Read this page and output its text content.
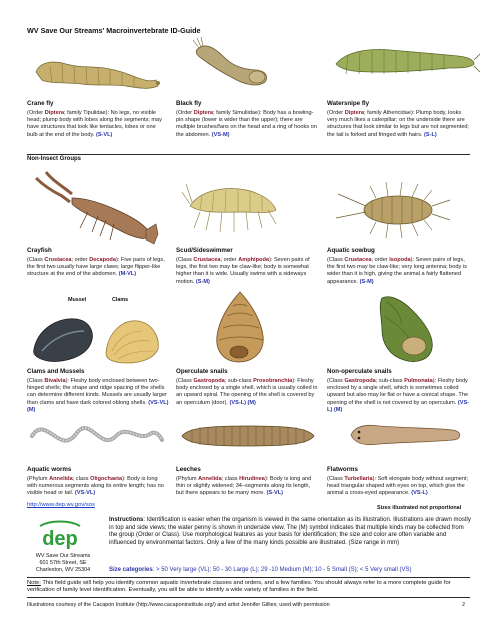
WV Save Our Streams' Macroinvertebrate ID-Guide
Crane fly
(Order Diptera; family Tipulidae): No legs, no visible head; plump body with lobes along the segments; may have structures that look like tentacles, lobes or one bulb at the end of the body. (S-VL)
Black fly
(Order Diptera; family Simuliidae): Body has a bowling-pin shape (lower is wider than the upper); there are multiple brushes/fans on the head and a ring of hooks on the abdomen. (VS-M)
Watersnipe fly
(Order Diptera; family Athericidae): Plump body, looks very much likes a caterpillar; on the underside there are structures that look similar to legs but are not segmented; the tail is forked and fringed with hairs. (S-L)
Non-Insect Groups
Crayfish
(Class Crustacea; order Decapoda): Five pairs of legs, the first two usually have large claws; large flipper-like structure at the end of the abdomen. (M-VL)
Scud/Sideswimmer
(Class Crustacea; order Amphipoda): Seven pairs of legs, the first two may be claw-like; body is somewhat higher than it is wide. Usually swims with a sideways motion. (S-M)
Aquatic sowbug
(Class Crustacea; order Isopoda): Seven pairs of legs, the first two may be claw-like; very long antenna; body is wider than it is high, giving the animal a fairly flattened appearance. (S-M)
Mussel	Clams
Clams and Mussels
(Class Bivalvia): Fleshy body enclosed between two-hinged shells; the shape and ridge spacing of the shells can determine different kinds. Mussels are usually larger than clams and have dark colored oblong shells. (VS-VL) (M)
Operculate snails
(Class Gastropoda; sub-class Prosobranchia): Fleshy body enclosed by a single shell, which is usually coiled in an upward spiral. The opening of the shell is covered by an operculum (door). (VS-L) (M)
Non-operculate snails
(Class Gastropoda; sub-class Pulmonata): Fleshy body enclosed by a single shell, which is sometimes coiled upward but also may lie flat or have a conical shape. The opening of the shell is not covered by an operculum. (VS-L) (M)
Aquatic worms
(Phylum Annelida; class Oligochaeta): Body is long with numerous segments along its entire length; has no visible head or tail. (VS-VL)
Leeches
(Phylum Annelida; class Hirudinea): Body is long and thin or slightly widened; 34–segments along its length, but there appears to be many more. (S-VL)
Flatworms
(Class Turbellaria): Soft elongate body without segment; head triangular shaped with eyes on top, which give the animal a cross-eyed appearance. (VS-L)
http://www.dep.wv.gov/sos	Sizes illustrated not proportional
dep
WV Save Our Streams
601 57th Street, SE
Charleston, WV 25304
Instructions: Identification is easier when the organism is viewed in the same orientation as its illustration. Illustrations are drawn mostly in top and side views; the water penny is shown in underside view. The (M) symbol indicates that multiple kinds may be collected from the group (Order or Class). Use morphological features as your basis for identification; the size and color are often variable and influenced by environmental factors. Only a few of the many kinds possible are illustrated. (Size range in mm)
Size categories: > 50 Very large (VL); 50 - 30 Large (L); 29 -10 Medium (M); 10 - 5 Small (S); < 5 Very small (VS)
Note: This field guide will help you identify common aquatic invertebrate classes and orders, and a few families. You should always refer to a more complete guide for verification of family level identification. Eventually, you will be able to identify a wide variety of families in the field.
Illustrations courtesy of the Cacapon Institute (http://www.cacaponinstitute.org/) and artist Jennifer Gillies; used with permission	2
